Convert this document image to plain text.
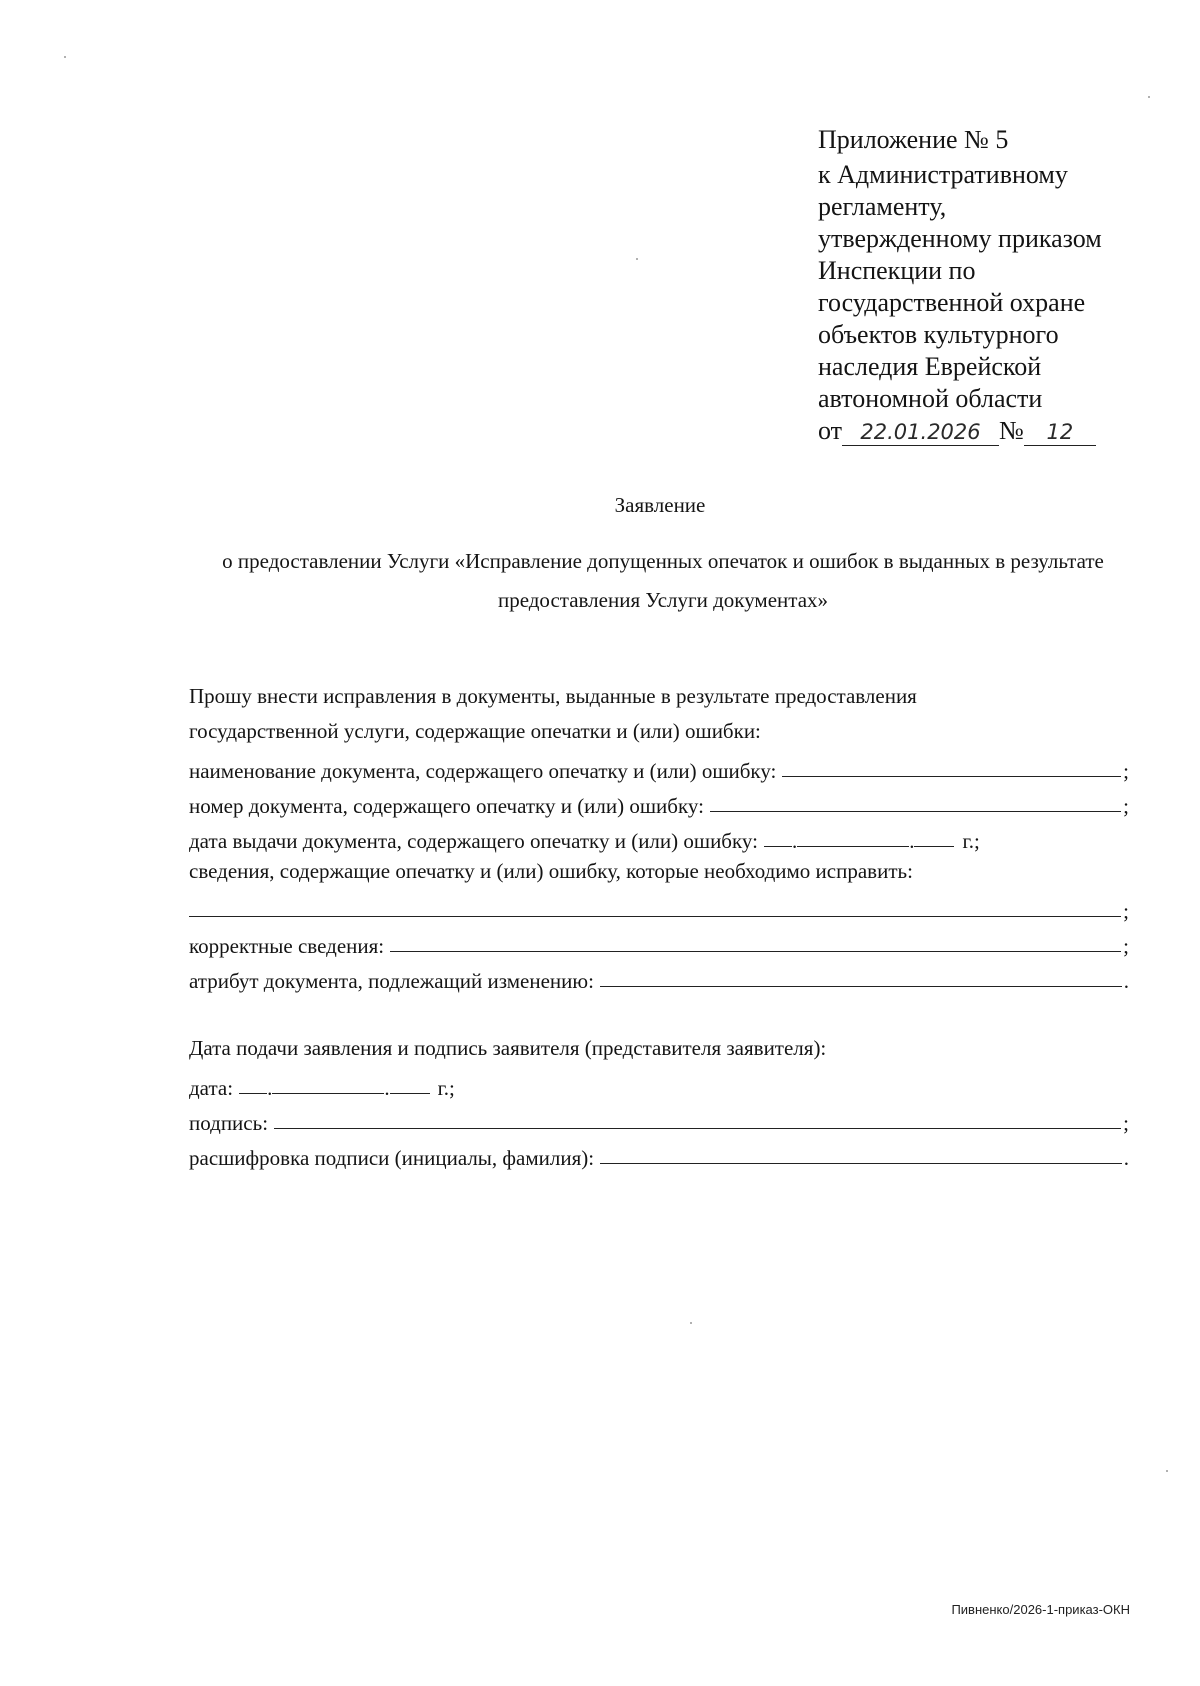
Приложение № 5

к Административному

регламенту,

утвержденному приказом

Инспекции по

государственной охране

объектов культурного

наследия Еврейской

автономной области

от 22.01.2026 № 12

Заявление

о предоставлении Услуги «Исправление допущенных опечаток и ошибок в выданных в результате предоставления Услуги документах»

Прошу внести исправления в документы, выданные в результате предоставления
государственной услуги, содержащие опечатки и (или) ошибки:
наименование документа, содержащего опечатку и (или) ошибку:	;
номер документа, содержащего опечатку и (или) ошибку:	;
дата выдачи документа, содержащего опечатку и (или) ошибку: .	. г.;
сведения, содержащие опечатку и (или) ошибку, которые необходимо исправить:
;
корректные сведения:	;
атрибут документа, подлежащий изменению:	.
Дата подачи заявления и подпись заявителя (представителя заявителя):
дата: .	. г.;
подпись:	;
расшифровка подписи (инициалы, фамилия):	.
Пивненко/2026-1-приказ-ОКН
